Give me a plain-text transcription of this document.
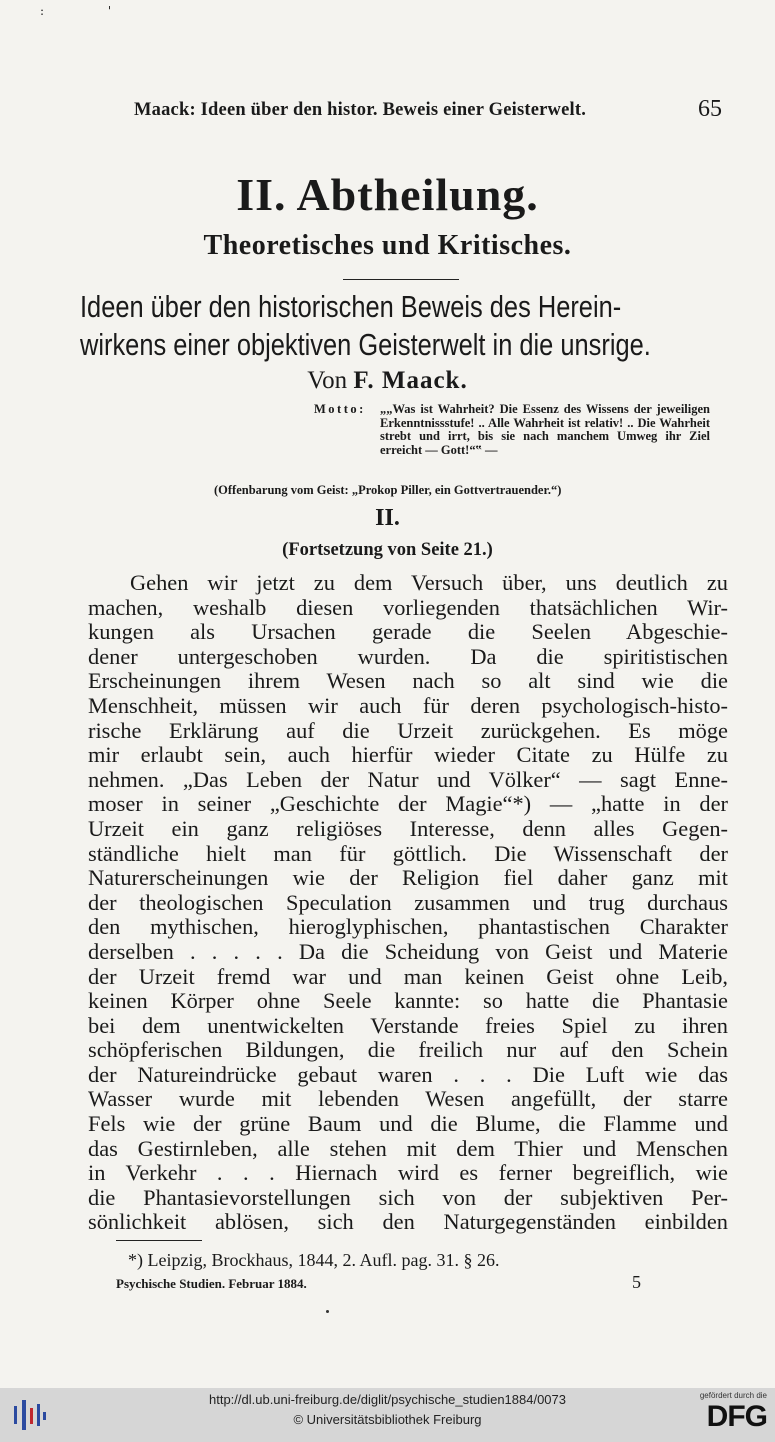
: '
Maack: Ideen über den histor. Beweis einer Geisterwelt.	65
II. Abtheilung.
Theoretisches und Kritisches.
Ideen über den historischen Beweis des Herein-
wirkens einer objektiven Geisterwelt in die unsrige.
Von F. Maack.
Motto: „„Was ist Wahrheit? Die Essenz des Wissens der jeweiligen Erkenntnissstufe! .. Alle Wahrheit ist relativ! .. Die Wahrheit strebt und irrt, bis sie nach manchem Umweg ihr Ziel erreicht — Gott!“‟ —
(Offenbarung vom Geist: „Prokop Piller, ein Gottvertrauender.“)
II.
(Fortsetzung von Seite 21.)
Gehen wir jetzt zu dem Versuch über, uns deutlich zu
machen, weshalb diesen vorliegenden thatsächlichen Wir-
kungen als Ursachen gerade die Seelen Abgeschie-
dener untergeschoben wurden. Da die spiritistischen
Erscheinungen ihrem Wesen nach so alt sind wie die
Menschheit, müssen wir auch für deren psychologisch-histo-
rische Erklärung auf die Urzeit zurückgehen. Es möge
mir erlaubt sein, auch hierfür wieder Citate zu Hülfe zu
nehmen. „Das Leben der Natur und Völker“ — sagt Enne-
moser in seiner „Geschichte der Magie“*) — „hatte in der
Urzeit ein ganz religiöses Interesse, denn alles Gegen-
ständliche hielt man für göttlich. Die Wissenschaft der
Naturerscheinungen wie der Religion fiel daher ganz mit
der theologischen Speculation zusammen und trug durchaus
den mythischen, hieroglyphischen, phantastischen Charakter
derselben . . . . . Da die Scheidung von Geist und Materie
der Urzeit fremd war und man keinen Geist ohne Leib,
keinen Körper ohne Seele kannte: so hatte die Phantasie
bei dem unentwickelten Verstande freies Spiel zu ihren
schöpferischen Bildungen, die freilich nur auf den Schein
der Natureindrücke gebaut waren . . . Die Luft wie das
Wasser wurde mit lebenden Wesen angefüllt, der starre
Fels wie der grüne Baum und die Blume, die Flamme und
das Gestirnleben, alle stehen mit dem Thier und Menschen
in Verkehr . . . Hiernach wird es ferner begreiflich, wie
die Phantasievorstellungen sich von der subjektiven Per-
sönlichkeit ablösen, sich den Naturgegenständen einbilden
*) Leipzig, Brockhaus, 1844, 2. Aufl. pag. 31. § 26.
Psychische Studien. Februar 1884.	5
http://dl.ub.uni-freiburg.de/diglit/psychische_studien1884/0073
© Universitätsbibliothek Freiburg
gefördert durch die
DFG
